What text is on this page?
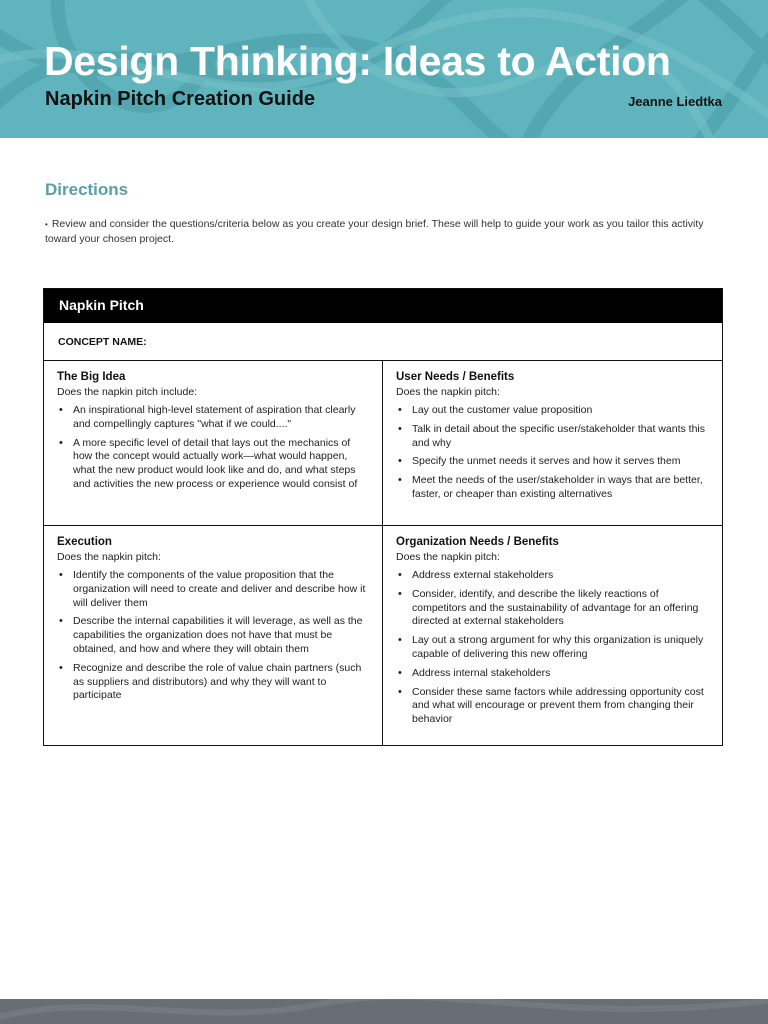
Design Thinking: Ideas to Action
Napkin Pitch Creation Guide	Jeanne Liedtka
Directions
• Review and consider the questions/criteria below as you create your design brief. These will help to guide your work as you tailor this activity toward your chosen project.
Napkin Pitch
CONCEPT NAME:
The Big Idea
Does the napkin pitch include:
• An inspirational high-level statement of aspiration that clearly and compellingly captures "what if we could...."
• A more specific level of detail that lays out the mechanics of how the concept would actually work—what would happen, what the new product would look like and do, and what steps and activities the new process or experience would consist of
User Needs / Benefits
Does the napkin pitch:
• Lay out the customer value proposition
• Talk in detail about the specific user/stakeholder that wants this and why
• Specify the unmet needs it serves and how it serves them
• Meet the needs of the user/stakeholder in ways that are better, faster, or cheaper than existing alternatives
Execution
Does the napkin pitch:
• Identify the components of the value proposition that the organization will need to create and deliver and describe how it will deliver them
• Describe the internal capabilities it will leverage, as well as the capabilities the organization does not have that must be obtained, and how and where they will obtain them
• Recognize and describe the role of value chain partners (such as suppliers and distributors) and why they will want to participate
Organization Needs / Benefits
Does the napkin pitch:
• Address external stakeholders
• Consider, identify, and describe the likely reactions of competitors and the sustainability of advantage for an offering directed at external stakeholders
• Lay out a strong argument for why this organization is uniquely capable of delivering this new offering
• Address internal stakeholders
• Consider these same factors while addressing opportunity cost and what will encourage or prevent them from changing their behavior
